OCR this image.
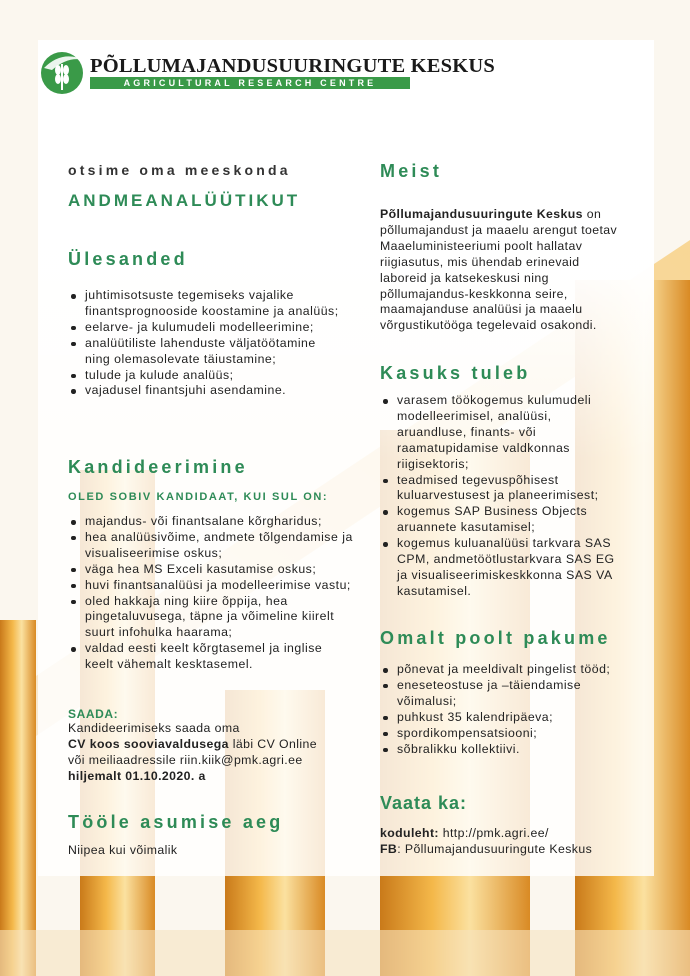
PÕLLUMAJANDUSUURINGUTE KESKUS
AGRICULTURAL RESEARCH CENTRE
otsime oma meeskonda
ANDMEANALÜÜTIKUT
Ülesanded
juhtimisotsuste tegemiseks vajalike finantsprognooside koostamine ja analüüs;
eelarve- ja kulumudeli modelleerimine;
analüütiliste lahenduste väljatöötamine ning olemasolevate täiustamine;
tulude ja kulude analüüs;
vajadusel finantsjuhi asendamine.
Kandideerimine
OLED SOBIV KANDIDAAT, KUI SUL ON:
majandus- või finantsalane kõrgharidus;
hea analüüsivõime, andmete tõlgendamise ja visualiseerimise oskus;
väga hea MS Exceli kasutamise oskus;
huvi finantsanalüüsi ja modelleerimise vastu;
oled hakkaja ning kiire õppija, hea pingetaluvusega, täpne ja võimeline kiirelt suurt infohulka haarama;
valdad eesti keelt kõrgtasemel ja inglise keelt vähemalt kesktasemel.
SAADA:

Kandideerimiseks saada oma

CV koos sooviavaldusega läbi CV Online

või meiliaadressile riin.kiik@pmk.agri.ee

hiljemalt 01.10.2020. a

Tööle asumise aeg

Niipea kui võimalik

Meist

Põllumajandusuuringute Keskus on põllumajandust ja maaelu arengut toetav Maaeluministeeriumi poolt hallatav riigiasutus, mis ühendab erinevaid laboreid ja katsekeskusi ning põllumajandus-keskkonna seire, maamajanduse analüüsi ja maaelu võrgustikutööga tegelevaid osakondi.

Kasuks tuleb
varasem töökogemus kulumudeli modelleerimisel, analüüsi, aruandluse, finants- või raamatupidamise valdkonnas riigisektoris;
teadmised tegevuspõhisest kuluarvestusest ja planeerimisest;
kogemus SAP Business Objects aruannete kasutamisel;
kogemus kuluanalüüsi tarkvara SAS CPM, andmetöötlustarkvara SAS EG ja visualiseerimiskeskkonna SAS VA kasutamisel.
Omalt poolt pakume
põnevat ja meeldivalt pingelist tööd;
eneseteostuse ja –täiendamise võimalusi;
puhkust 35 kalendripäeva;
spordikompensatsiooni;
sõbralikku kollektiivi.
Vaata ka:

koduleht: http://pmk.agri.ee/

FB: Põllumajandusuuringute Keskus
